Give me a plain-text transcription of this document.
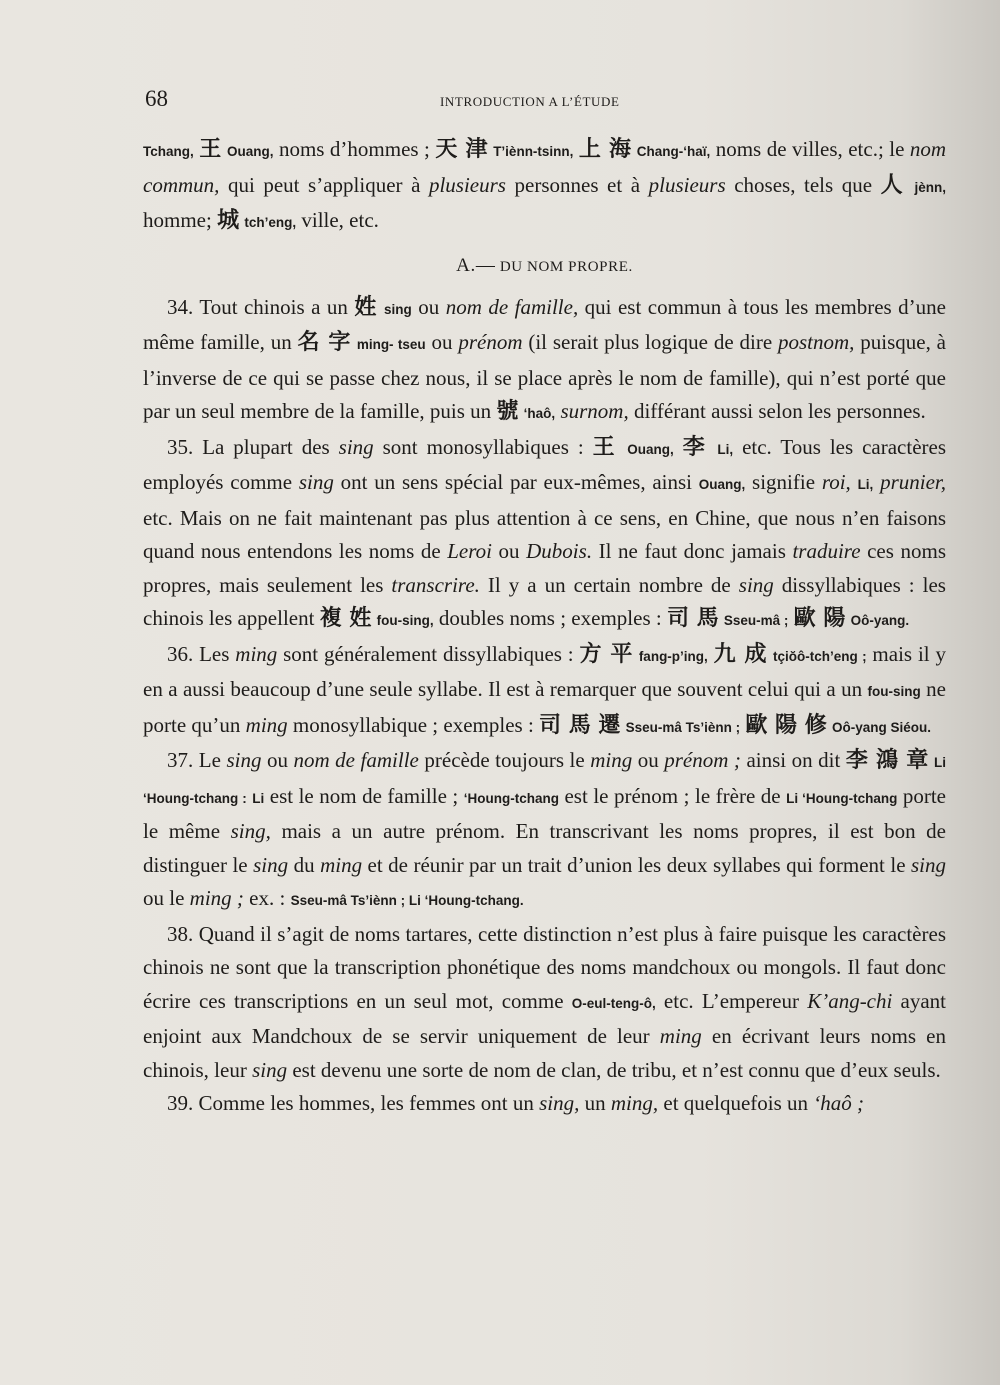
68	INTRODUCTION A L’ÉTUDE

Tchang, 王 Ouang, noms d’hommes ; 天 津 T’iènn-tsinn, 上 海 Chang-‘haï, noms de villes, etc.; le nom commun, qui peut s’appliquer à plusieurs personnes et à plusieurs choses, tels que 人 jènn, homme; 城 tch’eng, ville, etc.

A.— DU NOM PROPRE.

34. Tout chinois a un 姓 sing ou nom de famille, qui est commun à tous les membres d’une même famille, un 名 字 ming- tseu ou prénom (il serait plus logique de dire postnom, puisque, à l’inverse de ce qui se passe chez nous, il se place après le nom de famille), qui n’est porté que par un seul membre de la famille, puis un 號 ‘haô, surnom, différant aussi selon les personnes.

35. La plupart des sing sont monosyllabiques : 王 Ouang, 李 Li, etc. Tous les caractères employés comme sing ont un sens spécial par eux-mêmes, ainsi Ouang, signifie roi, Li, prunier, etc. Mais on ne fait maintenant pas plus attention à ce sens, en Chine, que nous n’en faisons quand nous entendons les noms de Leroi ou Dubois. Il ne faut donc jamais traduire ces noms propres, mais seulement les transcrire. Il y a un certain nombre de sing dissyllabiques : les chinois les appellent 複 姓 fou-sing, doubles noms ; exemples : 司 馬 Sseu-mâ ; 歐 陽 Oô-yang.

36. Les ming sont généralement dissyllabiques : 方 平 fang-p’ing, 九 成 tçiŏô-tch’eng ; mais il y en a aussi beaucoup d’une seule syllabe. Il est à remarquer que souvent celui qui a un fou-sing ne porte qu’un ming monosyllabique ; exemples : 司 馬 遷 Sseu-mâ Ts’iènn ; 歐 陽 修 Oô-yang Siéou.

37. Le sing ou nom de famille précède toujours le ming ou prénom ; ainsi on dit 李 鴻 章 Li ‘Houng-tchang : Li est le nom de famille ; ‘Houng-tchang est le prénom ; le frère de Li ‘Houng-tchang porte le même sing, mais a un autre prénom. En transcrivant les noms propres, il est bon de distinguer le sing du ming et de réunir par un trait d’union les deux syllabes qui forment le sing ou le ming ; ex. : Sseu-mâ Ts’iènn ; Li ‘Houng-tchang.

38. Quand il s’agit de noms tartares, cette distinction n’est plus à faire puisque les caractères chinois ne sont que la transcription phonétique des noms mandchoux ou mongols. Il faut donc écrire ces transcriptions en un seul mot, comme O-eul-teng-ô, etc. L’empereur K’ang-chi ayant enjoint aux Mandchoux de se servir uniquement de leur ming en écrivant leurs noms en chinois, leur sing est devenu une sorte de nom de clan, de tribu, et n’est connu que d’eux seuls.

39. Comme les hommes, les femmes ont un sing, un ming, et quelquefois un ‘haô ;
